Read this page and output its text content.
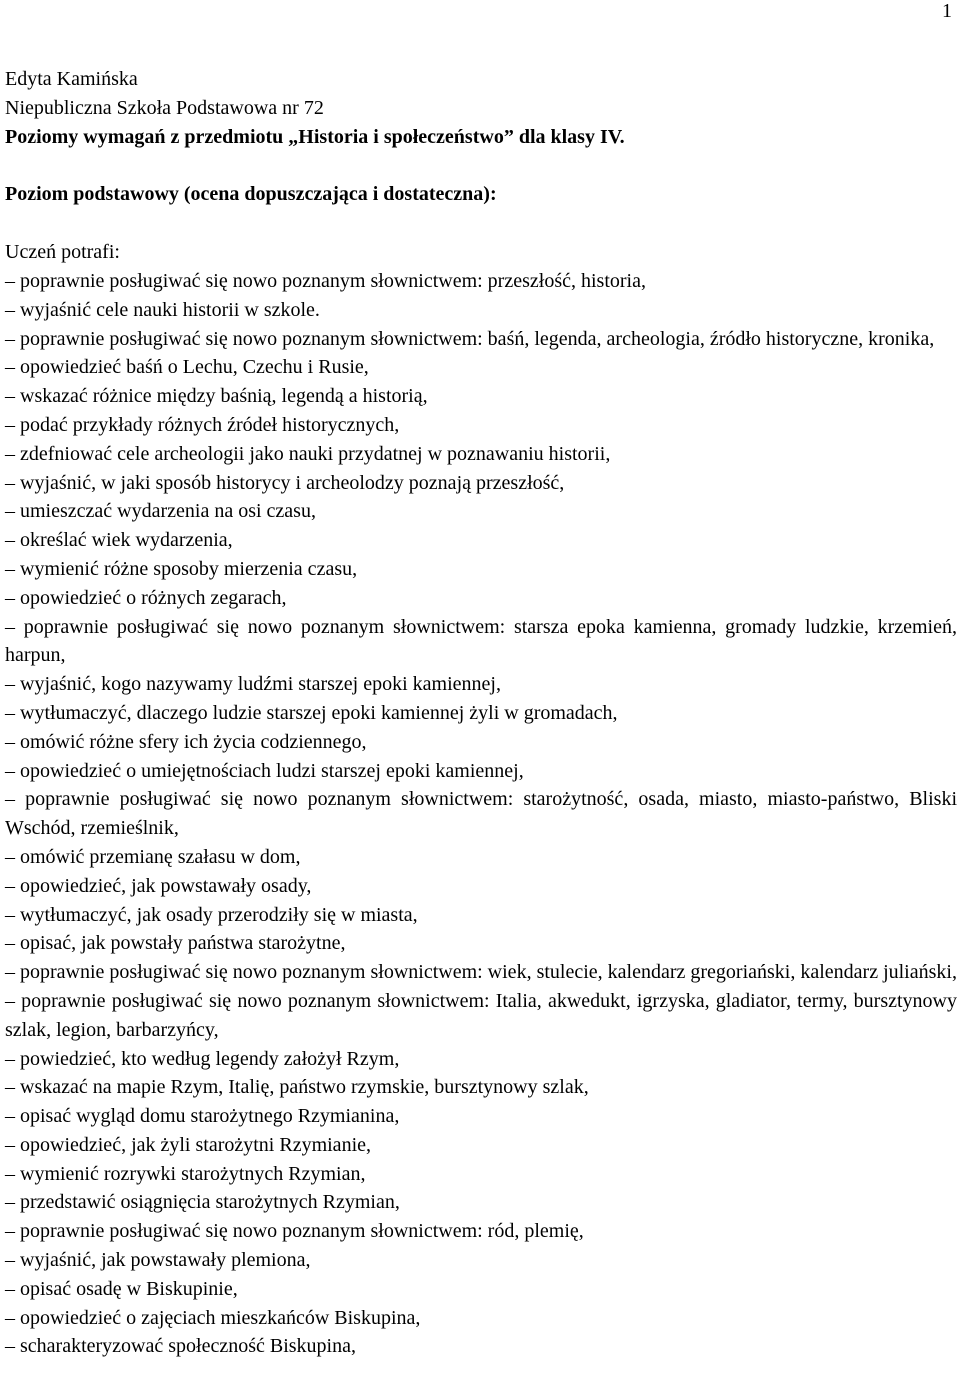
1

Edyta Kamińska

Niepubliczna Szkoła Podstawowa nr 72

Poziomy wymagań z przedmiotu „Historia i społeczeństwo” dla klasy IV.

Poziom podstawowy (ocena dopuszczająca i dostateczna):

Uczeń potrafi:

– poprawnie posługiwać się nowo poznanym słownictwem: przeszłość, historia,
– wyjaśnić cele nauki historii w szkole.
– poprawnie posługiwać się nowo poznanym słownictwem: baśń, legenda, archeologia, źródło historyczne, kronika,
– opowiedzieć baśń o Lechu, Czechu i Rusie,
– wskazać różnice między baśnią, legendą a historią,
– podać przykłady różnych źródeł historycznych,
– zdefniować cele archeologii jako nauki przydatnej w poznawaniu historii,
– wyjaśnić, w jaki sposób historycy i archeolodzy poznają przeszłość,
– umieszczać wydarzenia na osi czasu,
– określać wiek wydarzenia,
– wymienić różne sposoby mierzenia czasu,
– opowiedzieć o różnych zegarach,
– poprawnie posługiwać się nowo poznanym słownictwem: starsza epoka kamienna, gromady ludzkie, krzemień, harpun,
– wyjaśnić, kogo nazywamy ludźmi starszej epoki kamiennej,
– wytłumaczyć, dlaczego ludzie starszej epoki kamiennej żyli w gromadach,
– omówić różne sfery ich życia codziennego,
– opowiedzieć o umiejętnościach ludzi starszej epoki kamiennej,
– poprawnie posługiwać się nowo poznanym słownictwem: starożytność, osada, miasto, miasto-państwo, Bliski Wschód, rzemieślnik,
– omówić przemianę szałasu w dom,
– opowiedzieć, jak powstawały osady,
– wytłumaczyć, jak osady przerodziły się w miasta,
– opisać, jak powstały państwa starożytne,
– poprawnie posługiwać się nowo poznanym słownictwem: wiek, stulecie, kalendarz gregoriański, kalendarz juliański,
– poprawnie posługiwać się nowo poznanym słownictwem: Italia, akwedukt, igrzyska, gladiator, termy, bursztynowy szlak, legion, barbarzyńcy,
– powiedzieć, kto według legendy założył Rzym,
– wskazać na mapie Rzym, Italię, państwo rzymskie, bursztynowy szlak,
– opisać wygląd domu starożytnego Rzymianina,
– opowiedzieć, jak żyli starożytni Rzymianie,
– wymienić rozrywki starożytnych Rzymian,
– przedstawić osiągnięcia starożytnych Rzymian,
– poprawnie posługiwać się nowo poznanym słownictwem: ród, plemię,
– wyjaśnić, jak powstawały plemiona,
– opisać osadę w Biskupinie,
– opowiedzieć o zajęciach mieszkańców Biskupina,
– scharakteryzować społeczność Biskupina,
